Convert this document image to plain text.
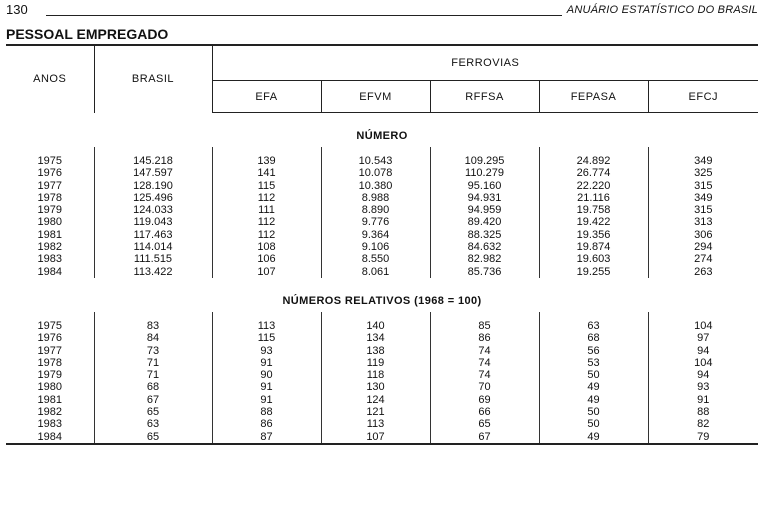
130	ANUÁRIO ESTATÍSTICO DO BRASIL
PESSOAL EMPREGADO
ANOS	BRASIL	FERROVIAS				
		EFA	EFVM	RFFSA	FEPASA	EFCJ

NÚMERO						

1975	145.218	139	10.543	109.295	24.892	349
1976	147.597	141	10.078	110.279	26.774	325
1977	128.190	115	10.380	95.160	22.220	315
1978	125.496	112	8.988	94.931	21.116	349
1979	124.033	111	8.890	94.959	19.758	315
1980	119.043	112	9.776	89.420	19.422	313
1981	117.463	112	9.364	88.325	19.356	306
1982	114.014	108	9.106	84.632	19.874	294
1983	111.515	106	8.550	82.982	19.603	274
1984	113.422	107	8.061	85.736	19.255	263

NÚMEROS RELATIVOS (1968 = 100)						

1975	83	113	140	85	63	104
1976	84	115	134	86	68	97
1977	73	93	138	74	56	94
1978	71	91	119	74	53	104
1979	71	90	118	74	50	94
1980	68	91	130	70	49	93
1981	67	91	124	69	49	91
1982	65	88	121	66	50	88
1983	63	86	113	65	50	82
1984	65	87	107	67	49	79
